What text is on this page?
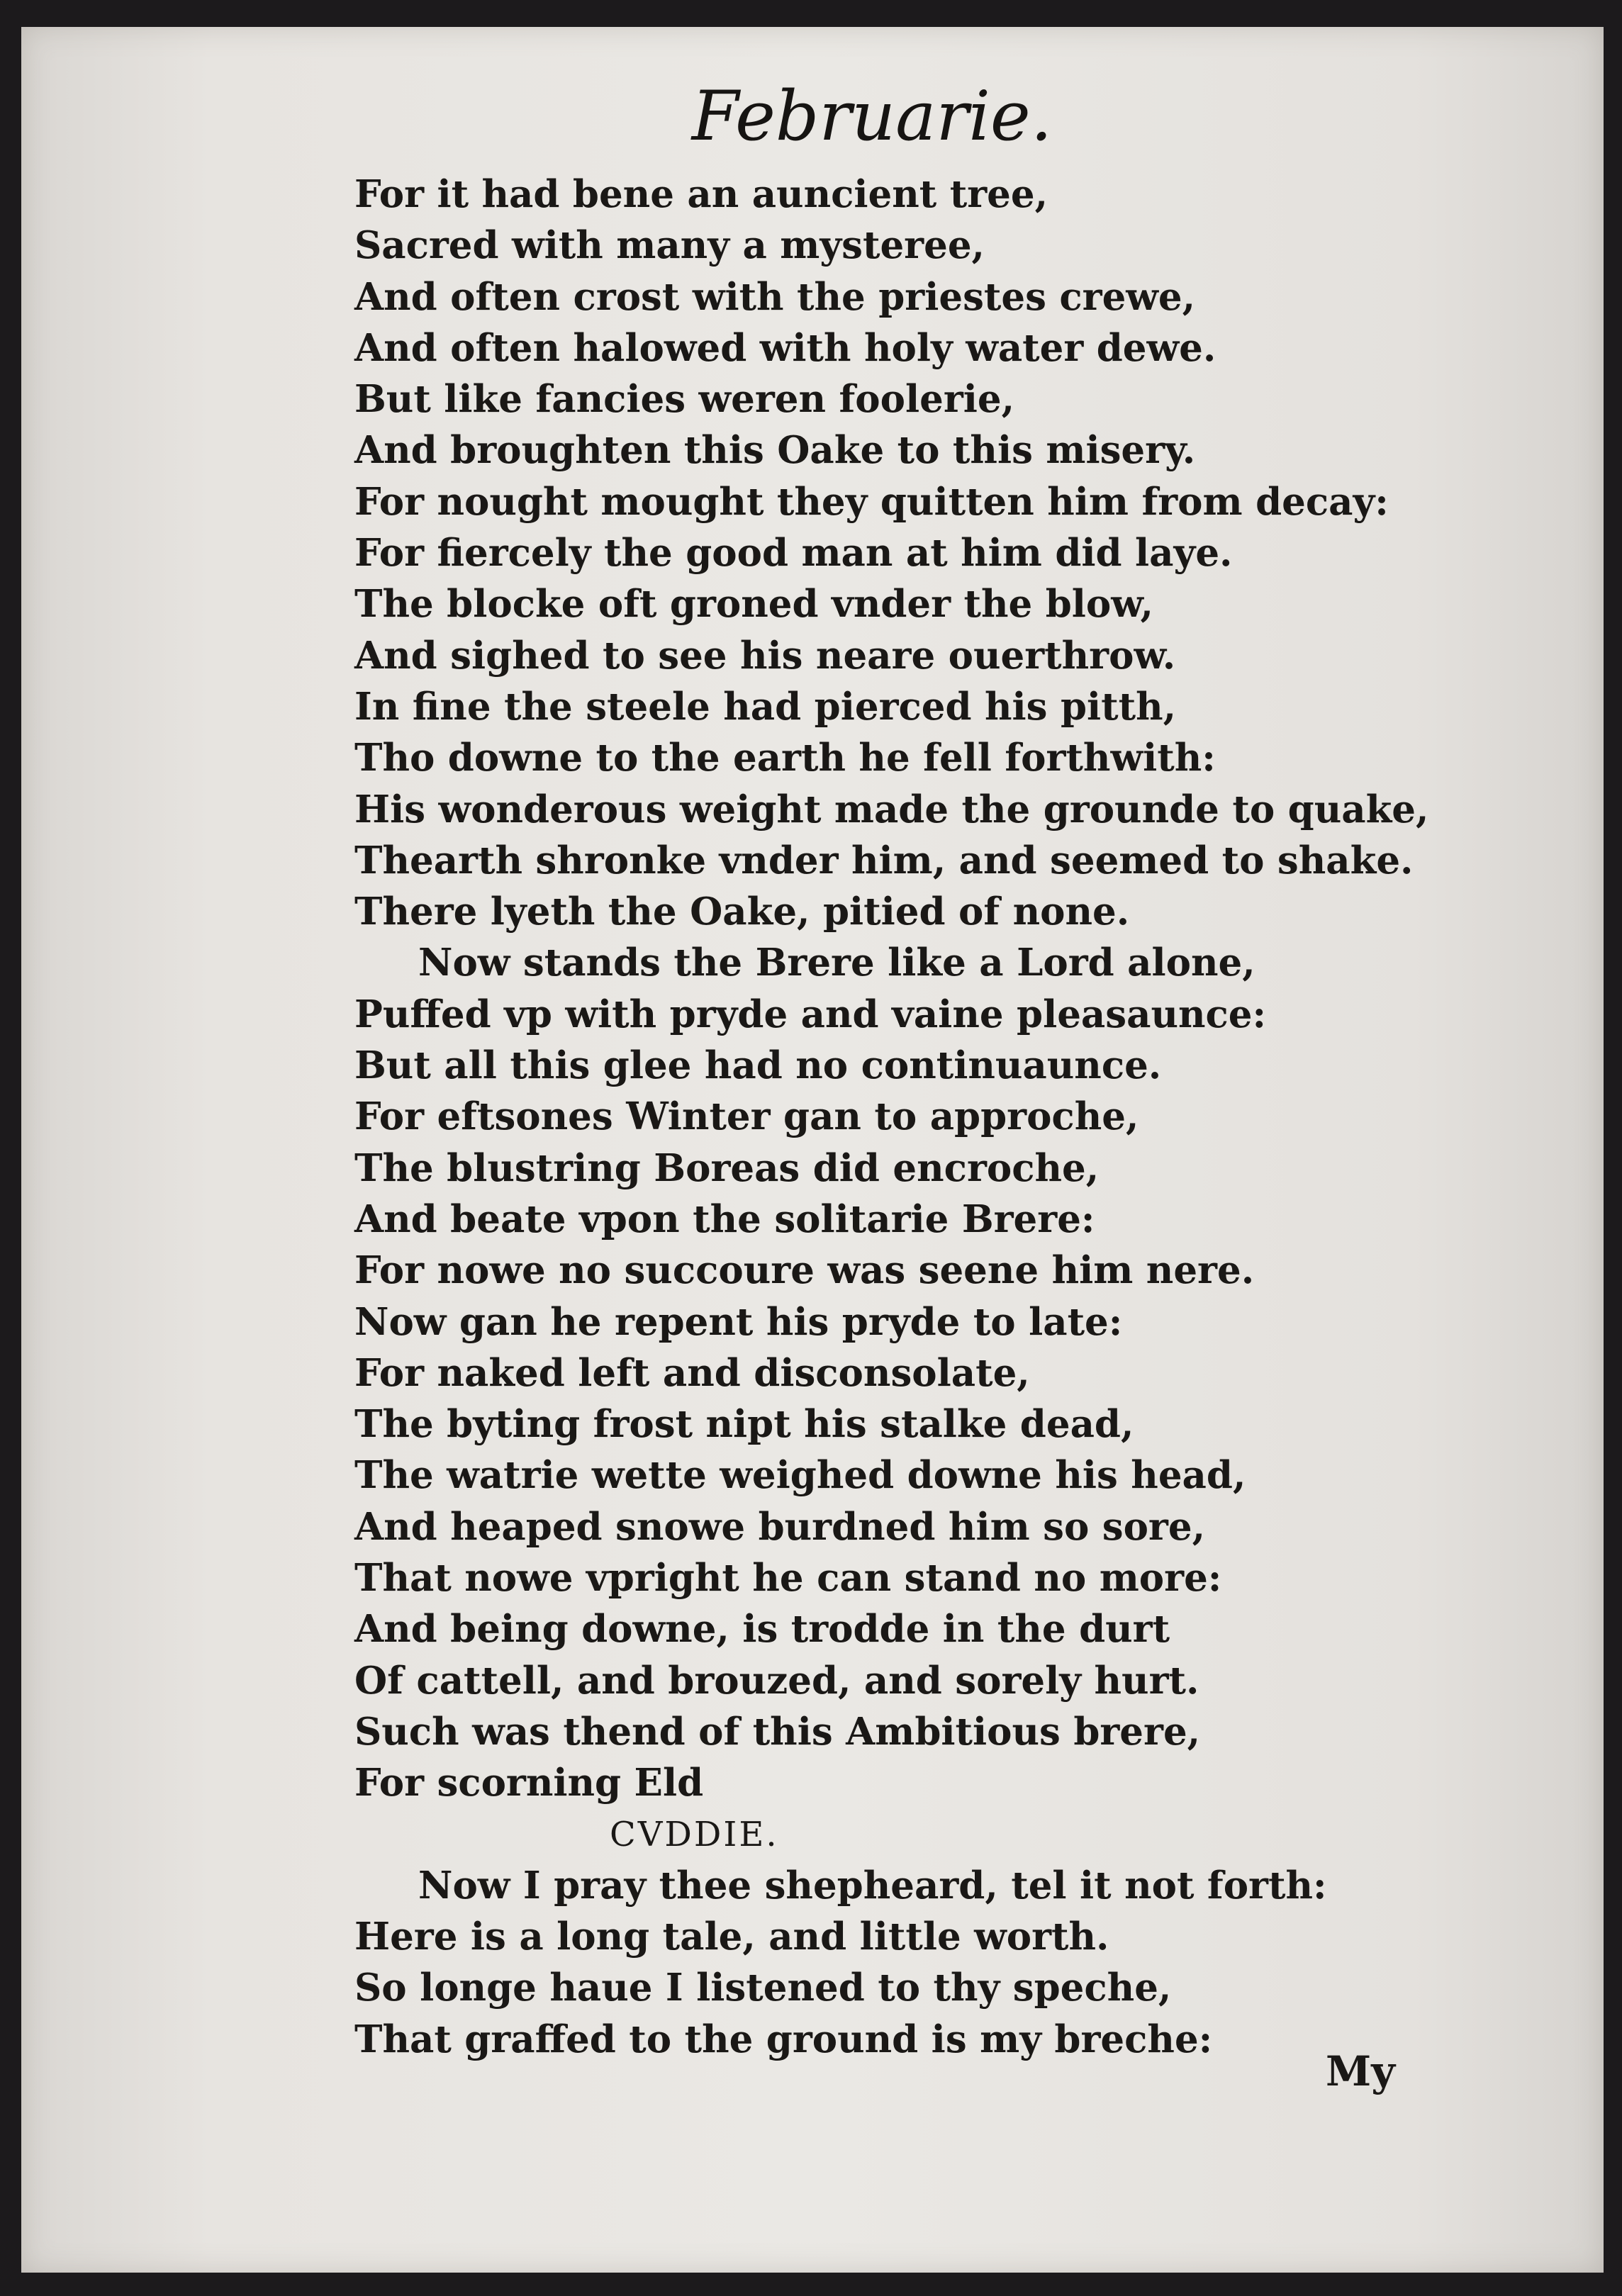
Februarie.
For it had bene an auncient tree,
Sacred with many a mysteree,
And often crost with the priestes crewe,
And often halowed with holy water dewe.
But like fancies weren foolerie,
And broughten this Oake to this misery.
For nought mought they quitten him from decay:
For fiercely the good man at him did laye.
The blocke oft groned vnder the blow,
And sighed to see his neare ouerthrow.
In fine the steele had pierced his pitth,
Tho downe to the earth he fell forthwith:
His wonderous weight made the grounde to quake,
Thearth shronke vnder him, and seemed to shake.
There lyeth the Oake, pitied of none.
Now stands the Brere like a Lord alone,
Puffed vp with pryde and vaine pleasaunce:
But all this glee had no continuaunce.
For eftsones Winter gan to approche,
The blustring Boreas did encroche,
And beate vpon the solitarie Brere:
For nowe no succoure was seene him nere.
Now gan he repent his pryde to late:
For naked left and disconsolate,
The byting frost nipt his stalke dead,
The watrie wette weighed downe his head,
And heaped snowe burdned him so sore,
That nowe vpright he can stand no more:
And being downe, is trodde in the durt
Of cattell, and brouzed, and sorely hurt.
Such was thend of this Ambitious brere,
For scorning Eld
CVDDIE.
Now I pray thee shepheard, tel it not forth:
Here is a long tale, and little worth.
So longe haue I listened to thy speche,
That graffed to the ground is my breche:
My
